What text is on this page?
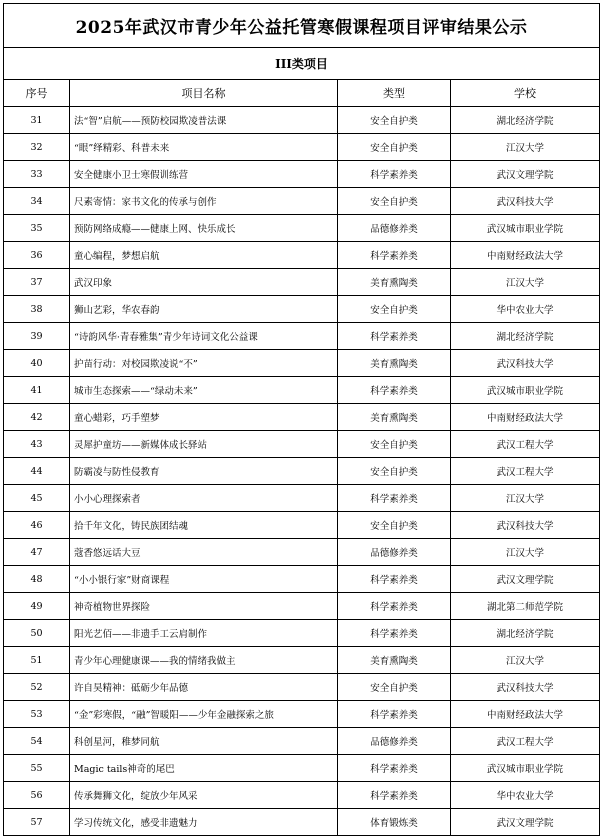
2025年武汉市青少年公益托管寒假课程项目评审结果公示			
III类项目			
序号	项目名称	类型	学校
31	法“智”启航——预防校园欺凌普法课	安全自护类	湖北经济学院
32	“眼”绎精彩、科普未来	安全自护类	江汉大学
33	安全健康小卫士寒假训练营	科学素养类	武汉文理学院
34	尺素寄情：家书文化的传承与创作	安全自护类	武汉科技大学
35	预防网络成瘾——健康上网、快乐成长	品德修养类	武汉城市职业学院
36	童心编程，梦想启航	科学素养类	中南财经政法大学
37	武汉印象	美育熏陶类	江汉大学
38	狮山艺彩，华农春韵	安全自护类	华中农业大学
39	“诗韵风华·青春雅集”青少年诗词文化公益课	科学素养类	湖北经济学院
40	护苗行动：对校园欺凌说“不”	美育熏陶类	武汉科技大学
41	城市生态探索——“绿动未来”	科学素养类	武汉城市职业学院
42	童心蜡彩，巧手塑梦	美育熏陶类	中南财经政法大学
43	灵犀护童坊——新媒体成长驿站	安全自护类	武汉工程大学
44	防霸凌与防性侵教育	安全自护类	武汉工程大学
45	小小心理探索者	科学素养类	江汉大学
46	拾千年文化，铸民族团结魂	安全自护类	武汉科技大学
47	蔻香悠远话大豆	品德修养类	江汉大学
48	“小小银行家”财商课程	科学素养类	武汉文理学院
49	神奇植物世界探险	科学素养类	湖北第二师范学院
50	阳光艺佰——非遗手工云肩制作	科学素养类	湖北经济学院
51	青少年心理健康课——我的情绪我做主	美育熏陶类	江汉大学
52	许自昊精神：砥砺少年品德	安全自护类	武汉科技大学
53	“金”彩寒假，“融”智暖阳——少年金融探索之旅	科学素养类	中南财经政法大学
54	科创星河，稚梦同航	品德修养类	武汉工程大学
55	Magic tails神奇的尾巴	科学素养类	武汉城市职业学院
56	传承舞狮文化，绽放少年风采	科学素养类	华中农业大学
57	学习传统文化，感受非遗魅力	体育锻炼类	武汉文理学院
